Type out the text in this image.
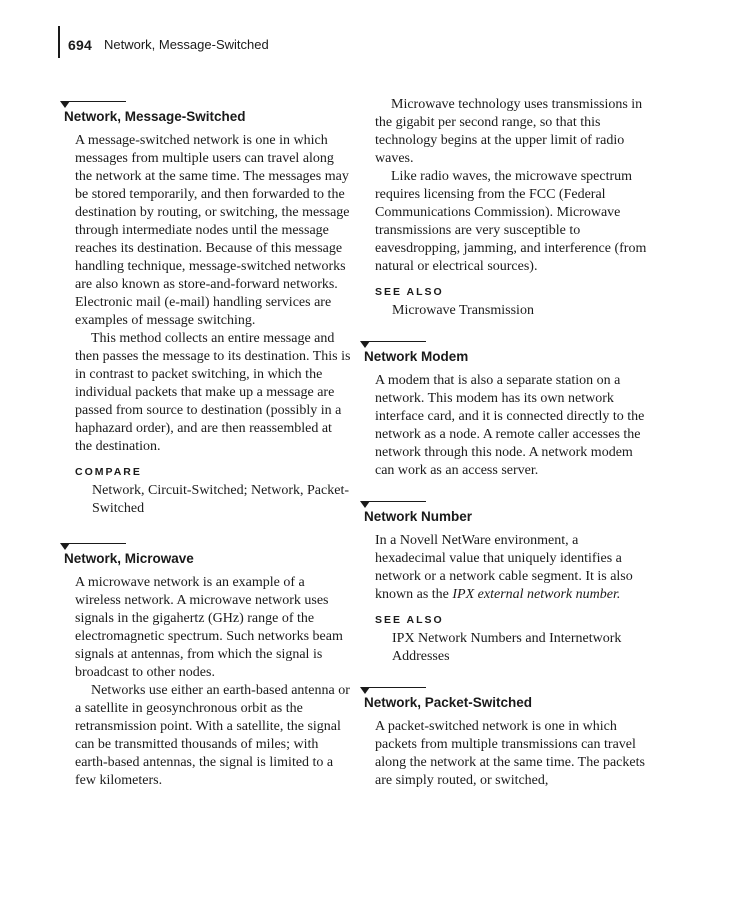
694 Network, Message-Switched
Network, Message-Switched

A message-switched network is one in which messages from multiple users can travel along the network at the same time. The messages may be stored temporarily, and then forwarded to the destination by routing, or switching, the message through intermediate nodes until the message reaches its destination. Because of this message handling technique, message-switched networks are also known as store-and-forward networks. Electronic mail (e-mail) handling services are examples of message switching.

This method collects an entire message and then passes the message to its destination. This is in contrast to packet switching, in which the individual packets that make up a message are passed from source to destination (possibly in a haphazard order), and are then reassembled at the destination.

COMPARE
Network, Circuit-Switched; Network, Packet-Switched
Network, Microwave

A microwave network is an example of a wireless network. A microwave network uses signals in the gigahertz (GHz) range of the electromagnetic spectrum. Such networks beam signals at antennas, from which the signal is broadcast to other nodes.

Networks use either an earth-based antenna or a satellite in geosynchronous orbit as the retransmission point. With a satellite, the signal can be transmitted thousands of miles; with earth-based antennas, the signal is limited to a few kilometers.

Microwave technology uses transmissions in the gigabit per second range, so that this technology begins at the upper limit of radio waves.

Like radio waves, the microwave spectrum requires licensing from the FCC (Federal Communications Commission). Microwave transmissions are very susceptible to eavesdropping, jamming, and interference (from natural or electrical sources).

SEE ALSO
Microwave Transmission
Network Modem

A modem that is also a separate station on a network. This modem has its own network interface card, and it is connected directly to the network as a node. A remote caller accesses the network through this node. A network modem can work as an access server.

Network Number

In a Novell NetWare environment, a hexadecimal value that uniquely identifies a network or a network cable segment. It is also known as the IPX external network number.

SEE ALSO
IPX Network Numbers and Internetwork Addresses
Network, Packet-Switched

A packet-switched network is one in which packets from multiple transmissions can travel along the network at the same time. The packets are simply routed, or switched,
